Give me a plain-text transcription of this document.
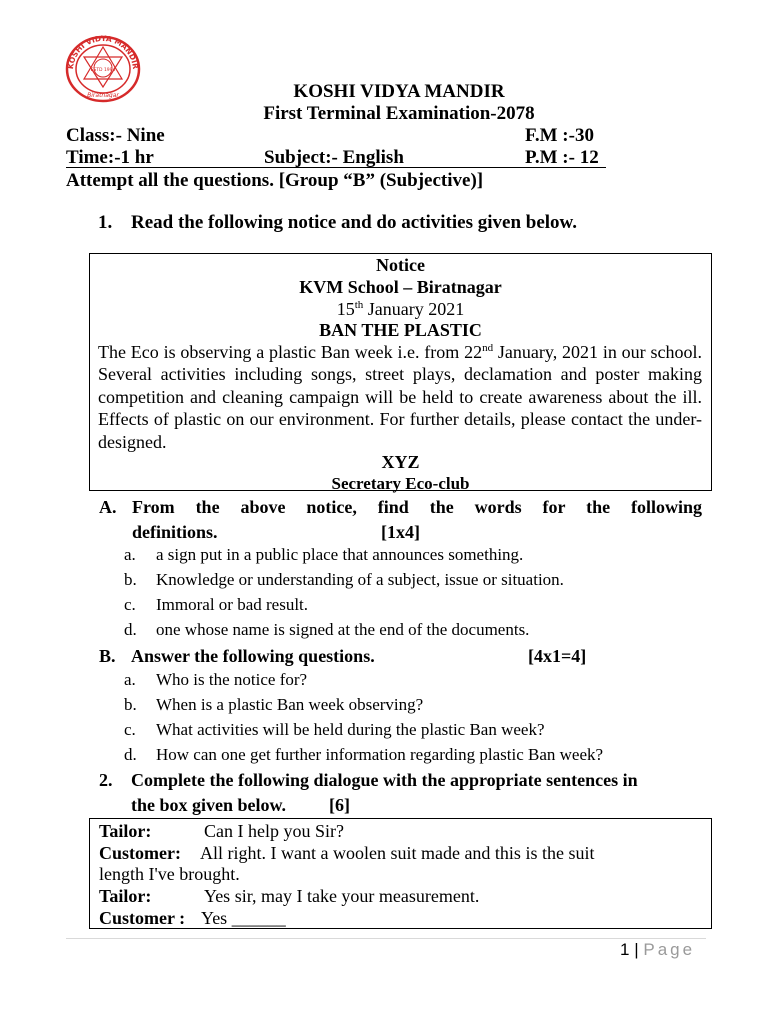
KOSHI VIDYA MANDIR
ESTD 1994
Biratnagar	KOSHI VIDYA MANDIR
First Terminal Examination-2078
Class:- Nine	F.M :-30
Time:-1 hr	Subject:- English	P.M :- 12
Attempt all the questions. [Group “B” (Subjective)]
1. Read the following notice and do activities given below.
Notice
KVM School – Biratnagar
15th January 2021
BAN THE PLASTIC

The Eco is observing a plastic Ban week i.e. from 22nd January, 2021 in our school. Several activities including songs, street plays, declamation and poster making competition and cleaning campaign will be held to create awareness about the ill. Effects of plastic on our environment. For further details, please contact the under-designed.

XYZ
Secretary Eco-club
A. From the above notice, find the words for the following
definitions.	[1x4]
a. a sign put in a public place that announces something.
b. Knowledge or understanding of a subject, issue or situation.
c. Immoral or bad result.
d. one whose name is signed at the end of the documents.
B. Answer the following questions.	[4x1=4]
a. Who is the notice for?
b. When is a plastic Ban week observing?
c. What activities will be held during the plastic Ban week?
d. How can one get further information regarding plastic Ban week?
2. Complete the following dialogue with the appropriate sentences in
the box given below. [6]
Tailor:	Can I help you Sir?
Customer: All right. I want a woolen suit made and this is the suit
length I've brought.
Tailor:	Yes sir, may I take your measurement.
Customer : Yes ______
1 | Page
